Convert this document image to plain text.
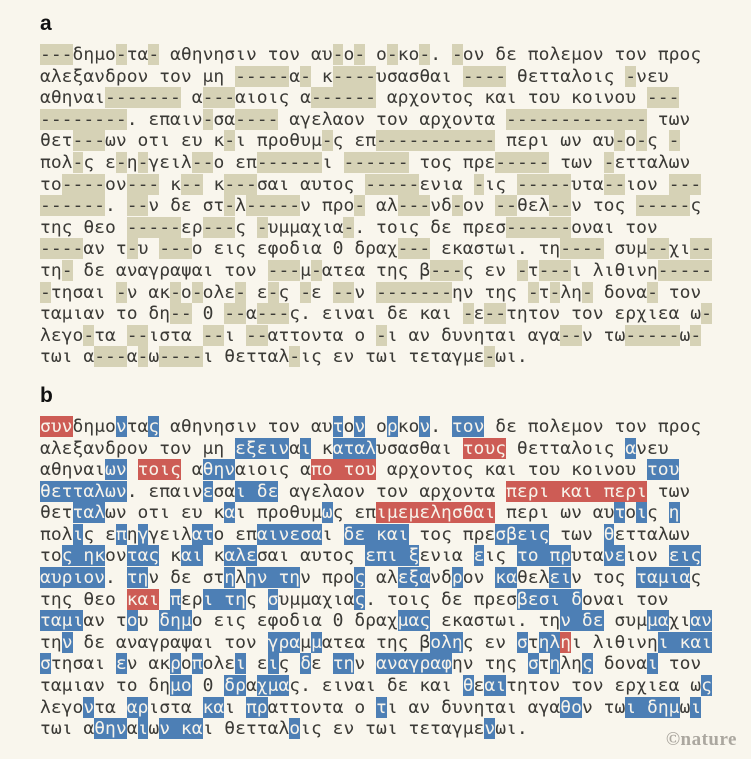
a
---δημο-τα- αθηνησιν τον αυ-ο- ο-κο-. -ον δε πολεμον τον προς
αλεξανδρον τον μη -----α- κ----υσασθαι ---- θετταλοις -νευ
αθηναι------- α---αιοις α------ αρχοντος και του κοινου ---
--------. επαιν-σα---- αγελαον τον αρχοντα ------------- των
θετ---ων οτι ευ κ-ι προθυμ-ς επ----------- περι ων αυ-ο-ς -
πολ-ς ε-η-γειλ--ο επ------ι ------ τος πρε----- των -ετταλων
το----ον--- κ-- κ---σαι αυτος -----ενια -ις -----υτα--ιον ---
------. --ν δε στ-λ-----ν προ- αλ---νδ-ον --θελ--ν τος -----ς
της θεο -----ερ---ς -υμμαχια-. τοις δε πρεσ------οναι τον
----αν τ-υ ---ο εις εφοδια 0 δραχ--- εκαστωι. τη---- συμ--χι--
τη- δε αναγραψαι τον ---μ-ατεα της β---ς εν -τ---ι λιθινη-----
-τησαι -ν ακ-ο-ολε- ε-ς -ε --ν -------ην της -τ-λη- δονα- τον
ταμιαν το δη-- 0 --α---ς. ειναι δε και -ε--τητον τον ερχιεα ω-
λεγο-τα --ιστα --ι --αττοντα ο -ι αν δυνηται αγα--ν τω-----ω-
τωι α---α-ω----ι θετταλ-ις εν τωι τεταγμε-ωι.
b
συνδημοντας αθηνησιν τον αυτον ορκον. τον δε πολεμον τον προς
αλεξανδρον τον μη εξειναι καταλυσασθαι τους θετταλοις ανευ
αθηναιων τοις αθηναιοις απο του αρχοντος και του κοινου του
θετταλων. επαινεσαι δε αγελαον τον αρχοντα περι και περι των
θετταλων οτι ευ και προθυμως επιμεμελησθαι περι ων αυτοις η
πολις επηγγειλατο επαινεσαι δε και τος πρεσβεις των θετταλων
τος ηκοντας και καλεσαι αυτος επι ξενια εις το πρυτανειον εις
αυριον. την δε στηλην την προς αλεξανδρον καθελειν τος ταμιας
της θεο και περι της συμμαχιας. τοις δε πρεσβεσι δοναι τον
ταμιαν του δημο εις εφοδια 0 δραχμας εκαστωι. την δε συμμαχιαν
την δε αναγραψαι τον γραμματεα της βολης εν στηληι λιθινηι και
στησαι εν ακροπολει εις δε την αναγραφην της στηλης δοναι τον
ταμιαν το δημο 0 δραχμας. ειναι δε και θεαιτητον τον ερχιεα ως
λεγοντα αριστα και πραττοντα ο τι αν δυνηται αγαθον τωι δημωι
τωι αθηναιων και θετταλοις εν τωι τεταγμενωι.
©nature
